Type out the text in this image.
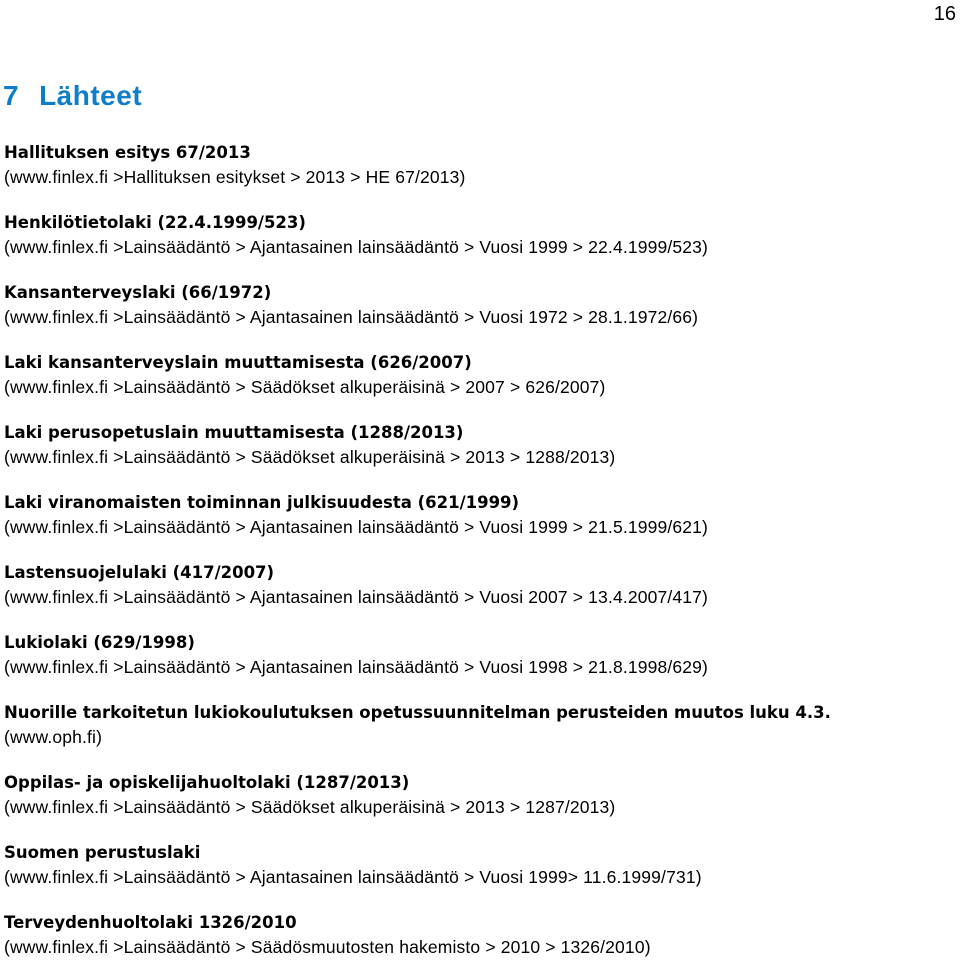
16
7 Lähteet
Hallituksen esitys 67/2013
(www.finlex.fi >Hallituksen esitykset > 2013 > HE 67/2013)
Henkilötietolaki (22.4.1999/523)
(www.finlex.fi >Lainsäädäntö > Ajantasainen lainsäädäntö > Vuosi 1999 > 22.4.1999/523)
Kansanterveyslaki (66/1972)
(www.finlex.fi >Lainsäädäntö > Ajantasainen lainsäädäntö > Vuosi 1972 > 28.1.1972/66)
Laki kansanterveyslain muuttamisesta (626/2007)
(www.finlex.fi >Lainsäädäntö > Säädökset alkuperäisinä > 2007 > 626/2007)
Laki perusopetuslain muuttamisesta (1288/2013)
(www.finlex.fi >Lainsäädäntö > Säädökset alkuperäisinä > 2013 > 1288/2013)
Laki viranomaisten toiminnan julkisuudesta (621/1999)
(www.finlex.fi >Lainsäädäntö > Ajantasainen lainsäädäntö > Vuosi 1999 > 21.5.1999/621)
Lastensuojelulaki (417/2007)
(www.finlex.fi >Lainsäädäntö > Ajantasainen lainsäädäntö > Vuosi 2007 > 13.4.2007/417)
Lukiolaki (629/1998)
(www.finlex.fi >Lainsäädäntö > Ajantasainen lainsäädäntö > Vuosi 1998 > 21.8.1998/629)
Nuorille tarkoitetun lukiokoulutuksen opetussuunnitelman perusteiden muutos luku 4.3.
(www.oph.fi)
Oppilas- ja opiskelijahuoltolaki (1287/2013)
(www.finlex.fi >Lainsäädäntö > Säädökset alkuperäisinä > 2013 > 1287/2013)
Suomen perustuslaki
(www.finlex.fi >Lainsäädäntö > Ajantasainen lainsäädäntö > Vuosi 1999> 11.6.1999/731)
Terveydenhuoltolaki 1326/2010
(www.finlex.fi >Lainsäädäntö > Säädösmuutosten hakemisto > 2010 > 1326/2010)
